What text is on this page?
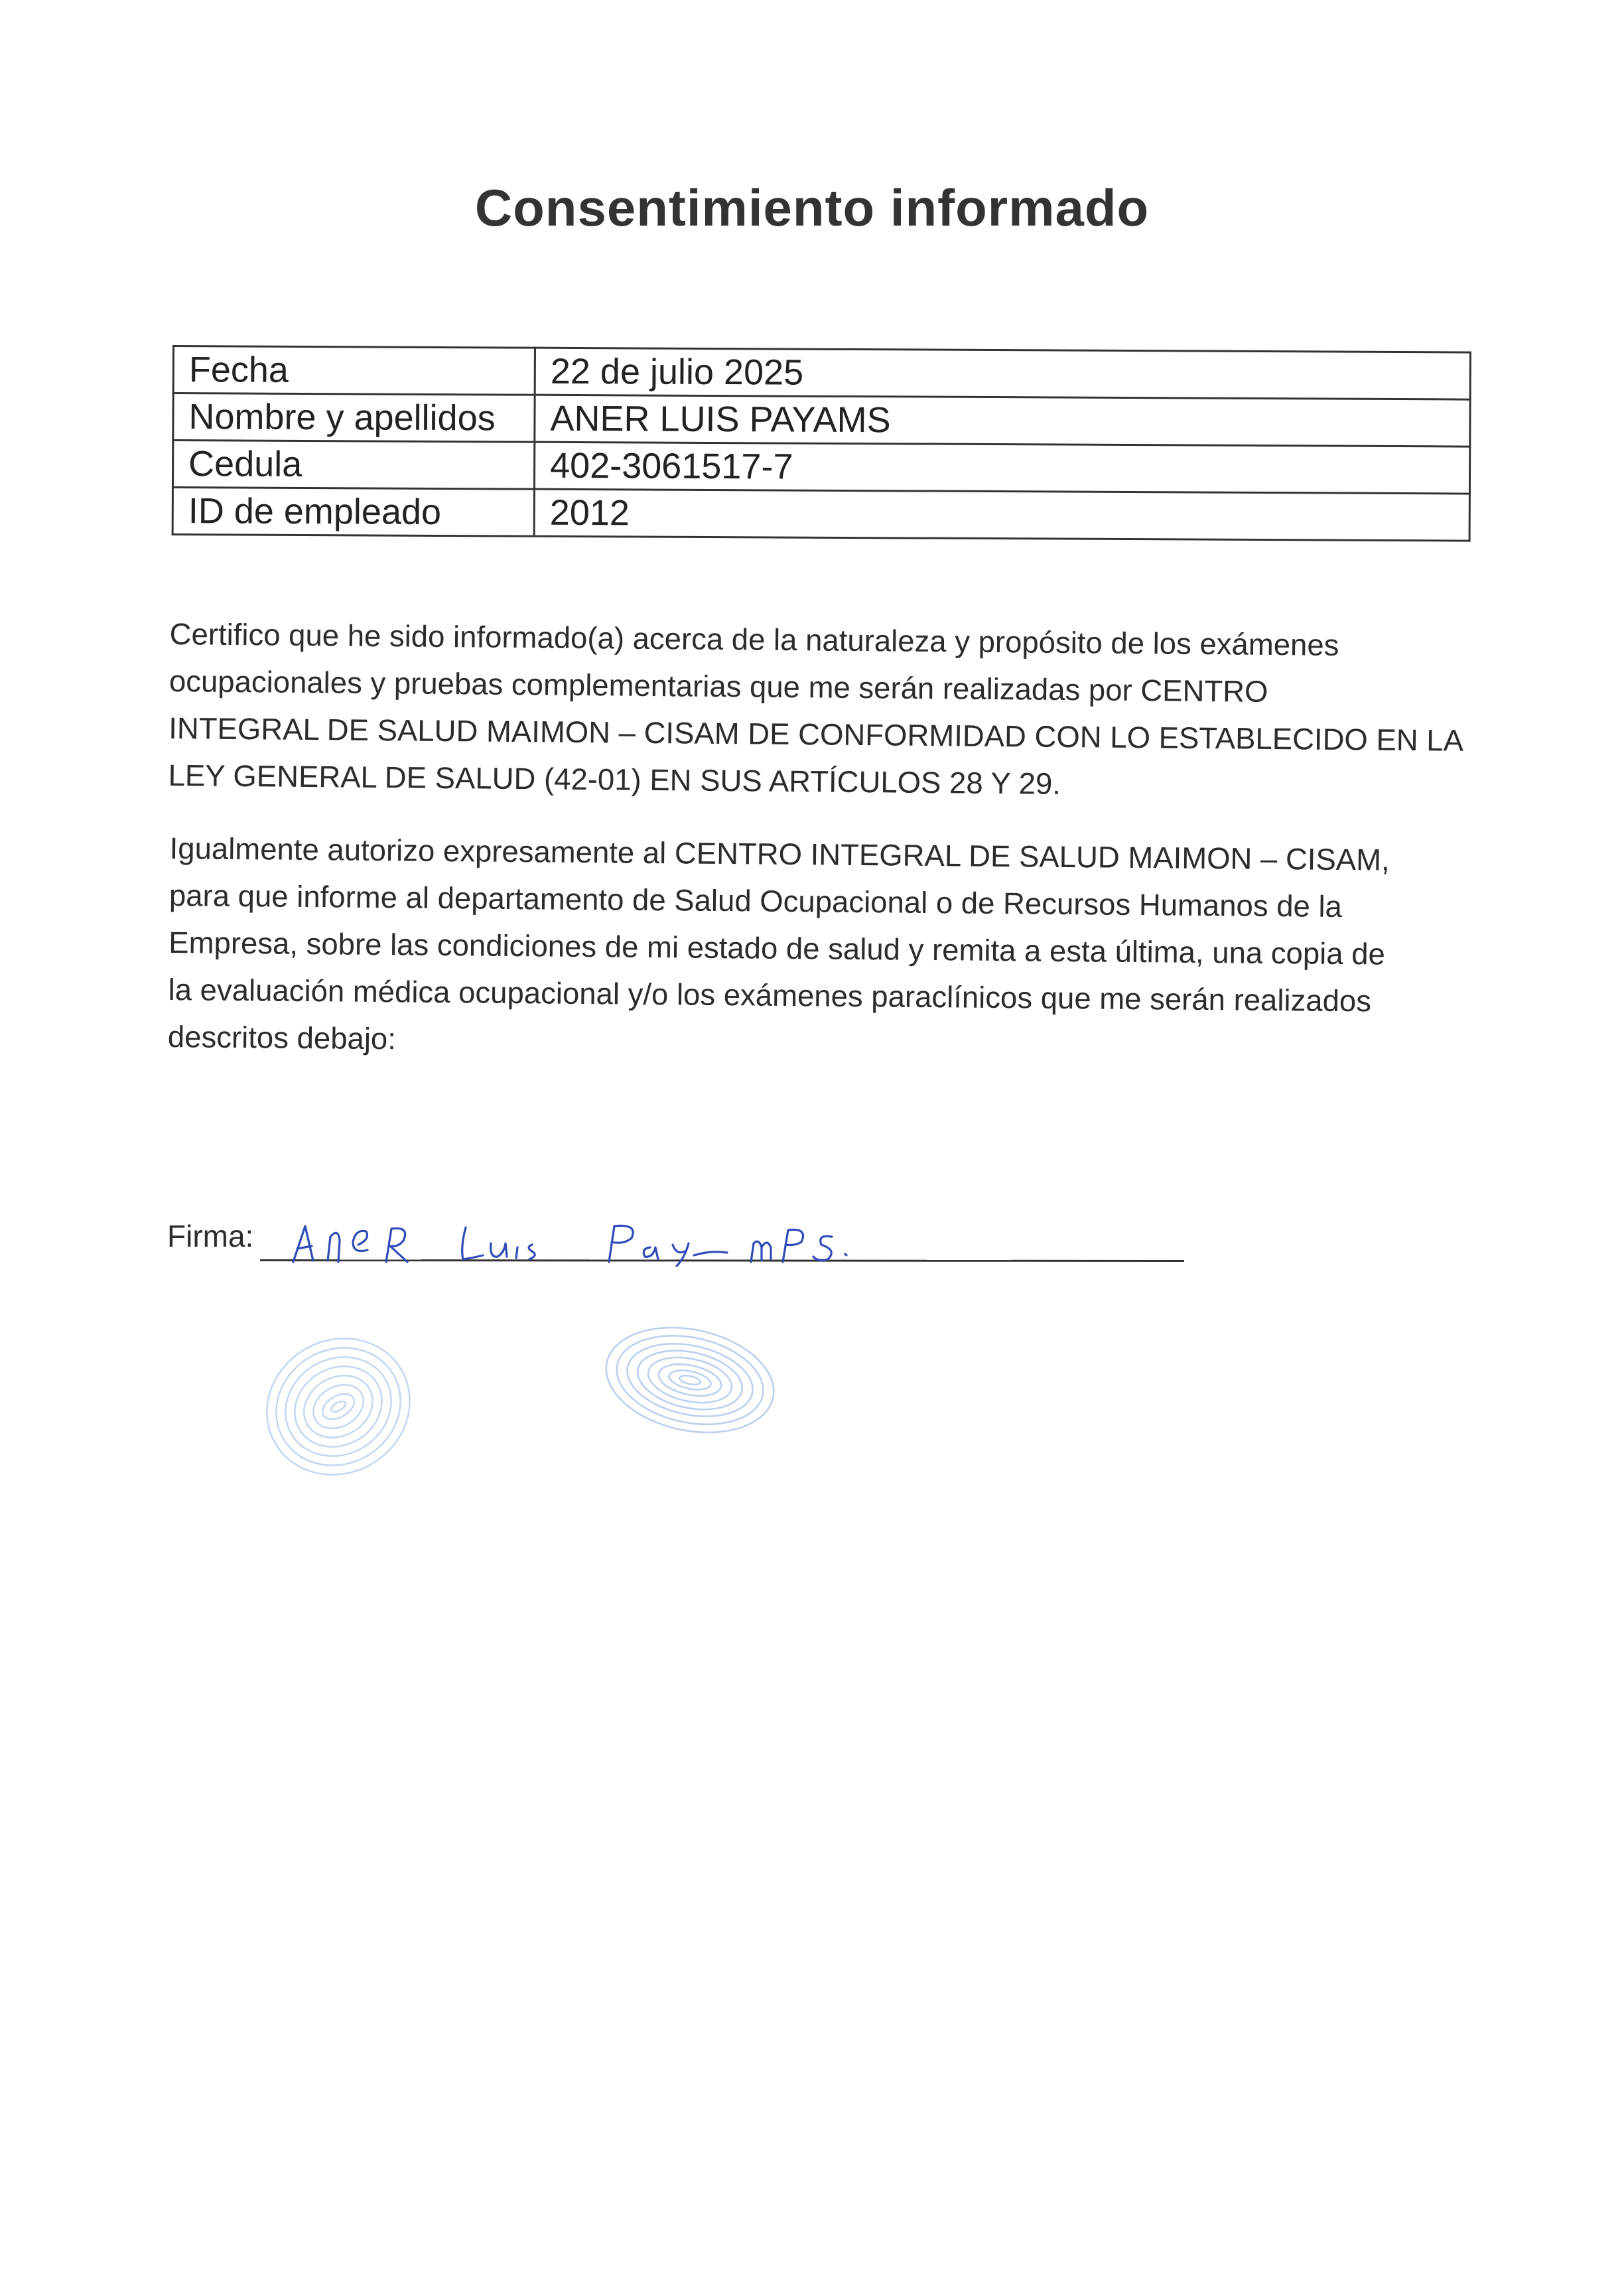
Consentimiento informado
Fecha	22 de julio 2025
Nombre y apellidos	ANER LUIS PAYAMS
Cedula	402-3061517-7
ID de empleado	2012
Certifico que he sido informado(a) acerca de la naturaleza y propósito de los exámenes
ocupacionales y pruebas complementarias que me serán realizadas por CENTRO
INTEGRAL DE SALUD MAIMON – CISAM DE CONFORMIDAD CON LO ESTABLECIDO EN LA
LEY GENERAL DE SALUD (42-01) EN SUS ARTÍCULOS 28 Y 29.
Igualmente autorizo expresamente al CENTRO INTEGRAL DE SALUD MAIMON – CISAM,
para que informe al departamento de Salud Ocupacional o de Recursos Humanos de la
Empresa, sobre las condiciones de mi estado de salud y remita a esta última, una copia de
la evaluación médica ocupacional y/o los exámenes paraclínicos que me serán realizados
descritos debajo:
Firma:
